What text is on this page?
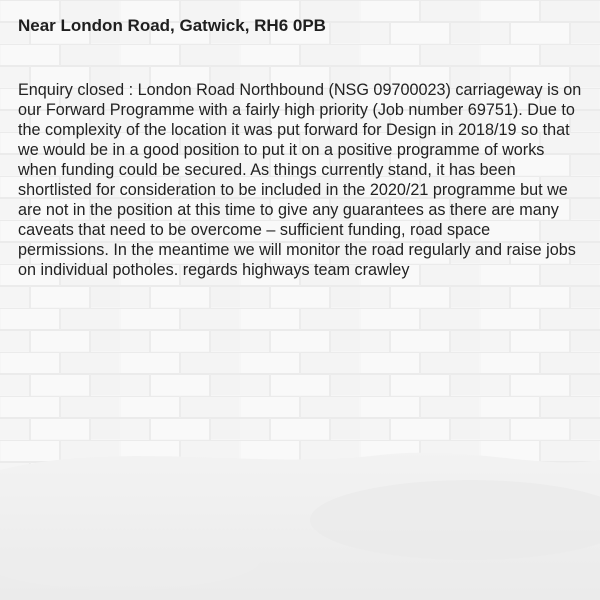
Near London Road, Gatwick, RH6 0PB

Enquiry closed : London Road Northbound (NSG 09700023) carriageway is on our Forward Programme with a fairly high priority (Job number 69751). Due to the complexity of the location it was put forward for Design in 2018/19 so that we would be in a good position to put it on a positive programme of works when funding could be secured. As things currently stand, it has been shortlisted for consideration to be included in the 2020/21 programme but we are not in the position at this time to give any guarantees as there are many caveats that need to be overcome – sufficient funding, road space permissions. In the meantime we will monitor the road regularly and raise jobs on individual potholes. regards highways team crawley
